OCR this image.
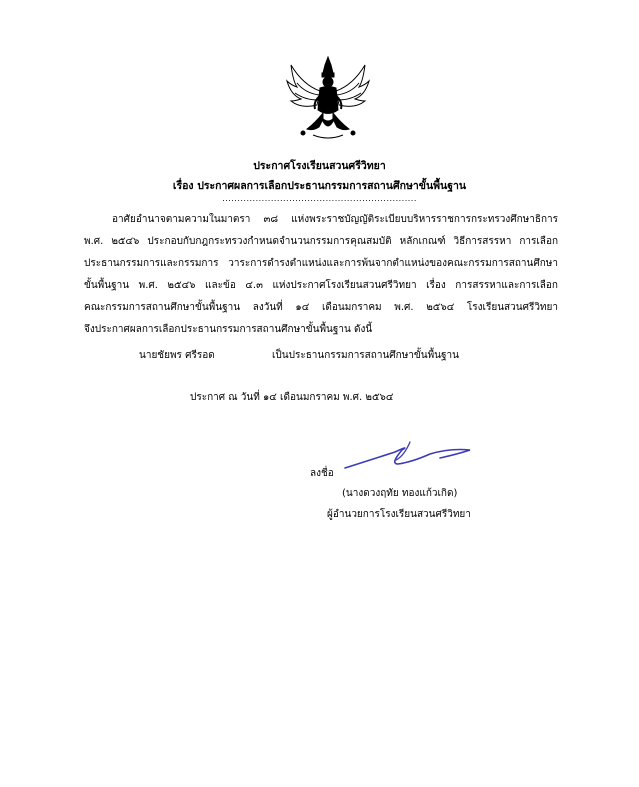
ประกาศโรงเรียนสวนศรีวิทยา
เรื่อง ประกาศผลการเลือกประธานกรรมการสถานศึกษาขั้นพื้นฐาน
................................................................
อาศัยอำนาจตามความในมาตรา ๓๘ แห่งพระราชบัญญัติระเบียบบริหารราชการกระทรวงศึกษาธิการ
พ.ศ. ๒๕๔๖ ประกอบกับกฎกระทรวงกำหนดจำนวนกรรมการคุณสมบัติ หลักเกณฑ์ วิธีการสรรหา การเลือก
ประธานกรรมการและกรรมการ วาระการดำรงตำแหน่งและการพ้นจากตำแหน่งของคณะกรรมการสถานศึกษา
ขั้นพื้นฐาน พ.ศ. ๒๕๔๖ และข้อ ๔.๓ แห่งประกาศโรงเรียนสวนศรีวิทยา เรื่อง การสรรหาและการเลือก
คณะกรรมการสถานศึกษาขั้นพื้นฐาน ลงวันที่ ๑๔ เดือนมกราคม พ.ศ. ๒๕๖๔ โรงเรียนสวนศรีวิทยา
จึงประกาศผลการเลือกประธานกรรมการสถานศึกษาขั้นพื้นฐาน ดังนี้
นายชัยพร ศรีรอด	เป็นประธานกรรมการสถานศึกษาขั้นพื้นฐาน
ประกาศ ณ วันที่ ๑๔ เดือนมกราคม พ.ศ. ๒๕๖๔
ลงชื่อ
(นางดวงฤทัย ทองแก้วเกิด)
ผู้อำนวยการโรงเรียนสวนศรีวิทยา
